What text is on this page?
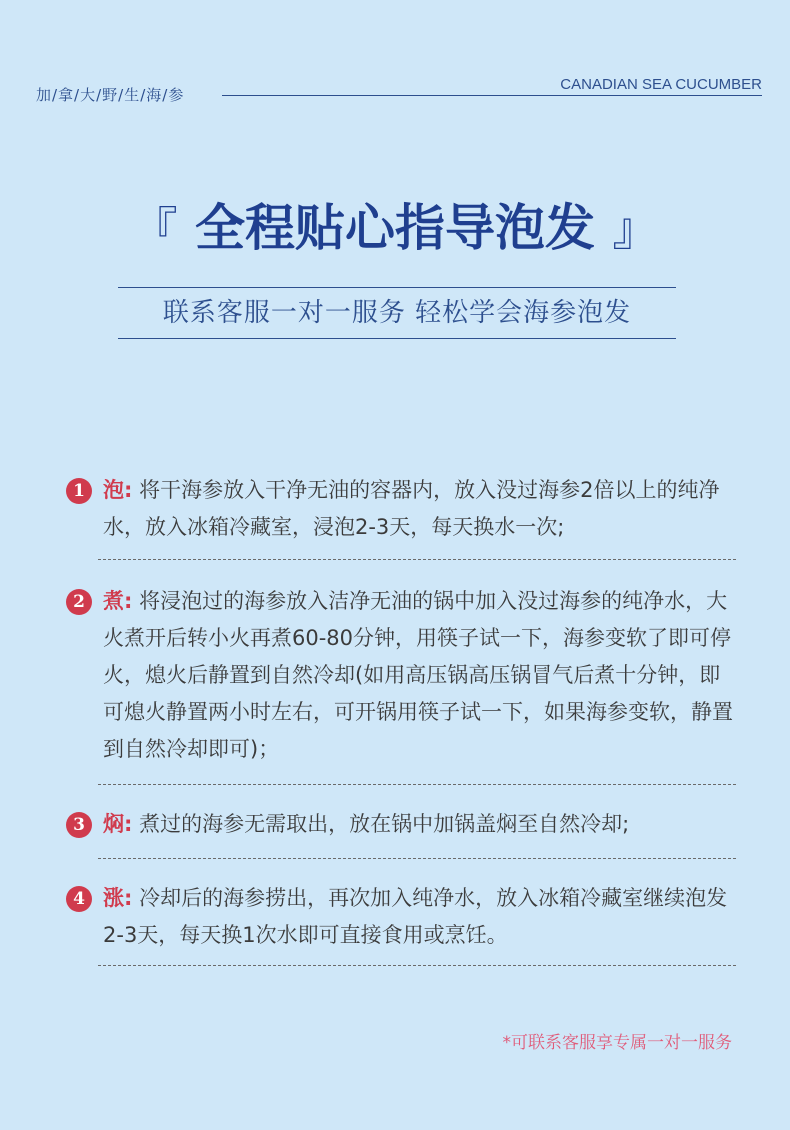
加/拿/大/野/生/海/参
CANADIAN SEA CUCUMBER
『 全程贴心指导泡发 』
联系客服一对一服务 轻松学会海参泡发
1 泡: 将干海参放入干净无油的容器内，放入没过海参2倍以上的纯净水，放入冰箱冷藏室，浸泡2-3天，每天换水一次;
2 煮: 将浸泡过的海参放入洁净无油的锅中加入没过海参的纯净水，大火煮开后转小火再煮60-80分钟，用筷子试一下，海参变软了即可停火，熄火后静置到自然冷却(如用高压锅高压锅冒气后煮十分钟，即可熄火静置两小时左右，可开锅用筷子试一下，如果海参变软，静置到自然冷却即可)；
3 焖: 煮过的海参无需取出，放在锅中加锅盖焖至自然冷却;
4 涨: 冷却后的海参捞出，再次加入纯净水，放入冰箱冷藏室继续泡发2-3天，每天换1次水即可直接食用或烹饪。
*可联系客服享专属一对一服务
